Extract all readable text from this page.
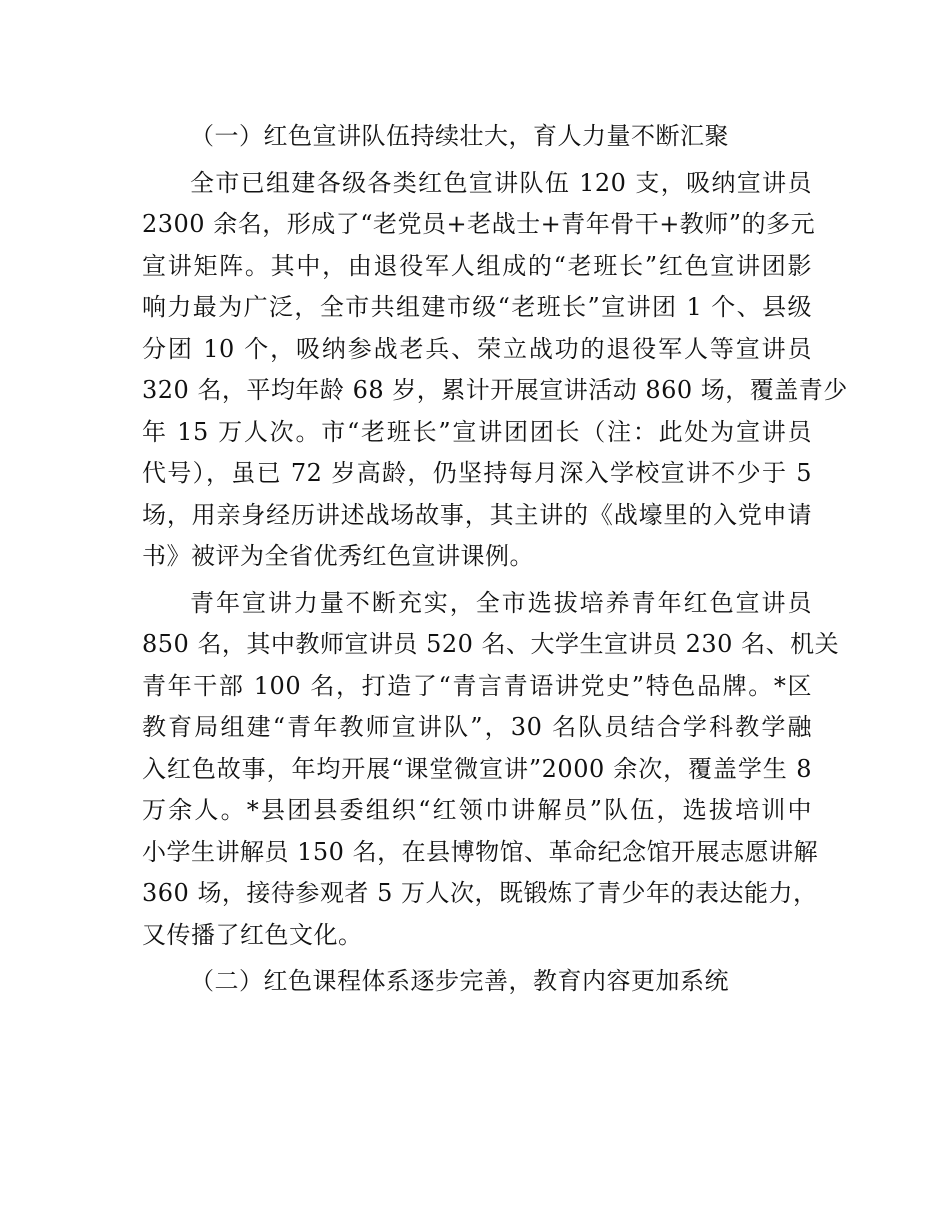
（一）红色宣讲队伍持续壮大，育人力量不断汇聚
全市已组建各级各类红色宣讲队伍 120 支，吸纳宣讲员
2300 余名，形成了“老党员+老战士+青年骨干+教师”的多元
宣讲矩阵。其中，由退役军人组成的“老班长”红色宣讲团影
响力最为广泛，全市共组建市级“老班长”宣讲团 1 个、县级
分团 10 个，吸纳参战老兵、荣立战功的退役军人等宣讲员
320 名，平均年龄 68 岁，累计开展宣讲活动 860 场，覆盖青少
年 15 万人次。市“老班长”宣讲团团长（注：此处为宣讲员
代号），虽已 72 岁高龄，仍坚持每月深入学校宣讲不少于 5
场，用亲身经历讲述战场故事，其主讲的《战壕里的入党申请
书》被评为全省优秀红色宣讲课例。
青年宣讲力量不断充实，全市选拔培养青年红色宣讲员
850 名，其中教师宣讲员 520 名、大学生宣讲员 230 名、机关
青年干部 100 名，打造了“青言青语讲党史”特色品牌。*区
教育局组建“青年教师宣讲队”，30 名队员结合学科教学融
入红色故事，年均开展“课堂微宣讲”2000 余次，覆盖学生 8
万余人。*县团县委组织“红领巾讲解员”队伍，选拔培训中
小学生讲解员 150 名，在县博物馆、革命纪念馆开展志愿讲解
360 场，接待参观者 5 万人次，既锻炼了青少年的表达能力，
又传播了红色文化。
（二）红色课程体系逐步完善，教育内容更加系统
